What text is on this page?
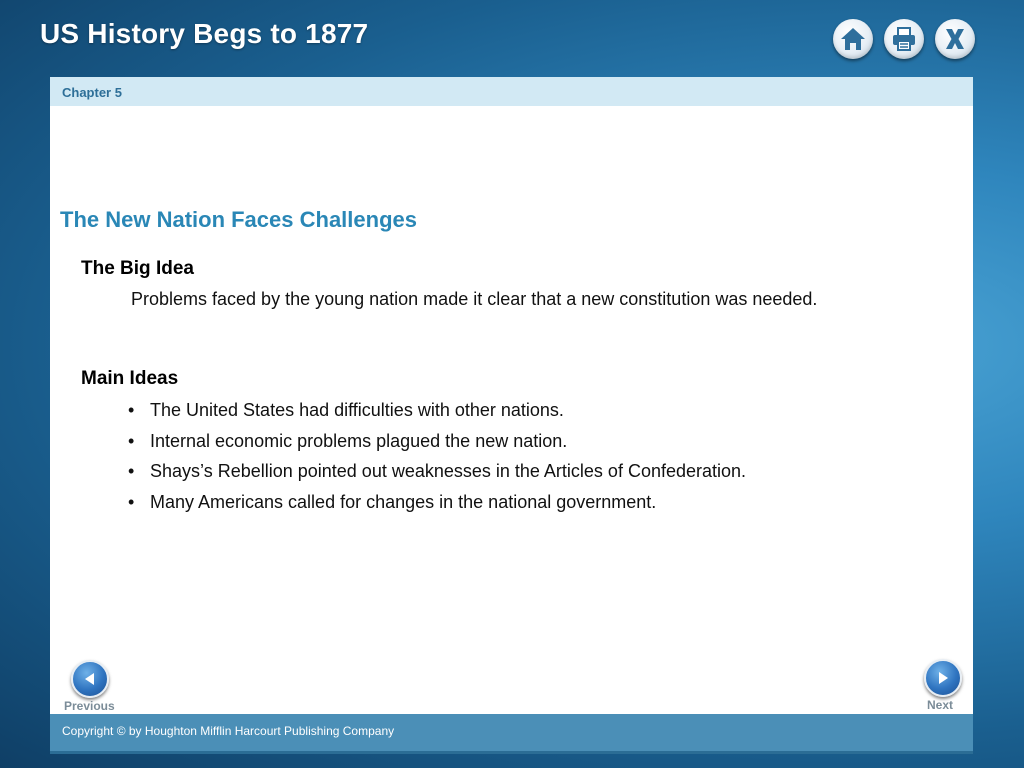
US History Begs to 1877
Chapter 5
The New Nation Faces Challenges
The Big Idea
Problems faced by the young nation made it clear that a new constitution was needed.
Main Ideas
• The United States had difficulties with other nations.
• Internal economic problems plagued the new nation.
• Shays’s Rebellion pointed out weaknesses in the Articles of Confederation.
• Many Americans called for changes in the national government.
Previous	Next
Copyright © by Houghton Mifflin Harcourt Publishing Company
